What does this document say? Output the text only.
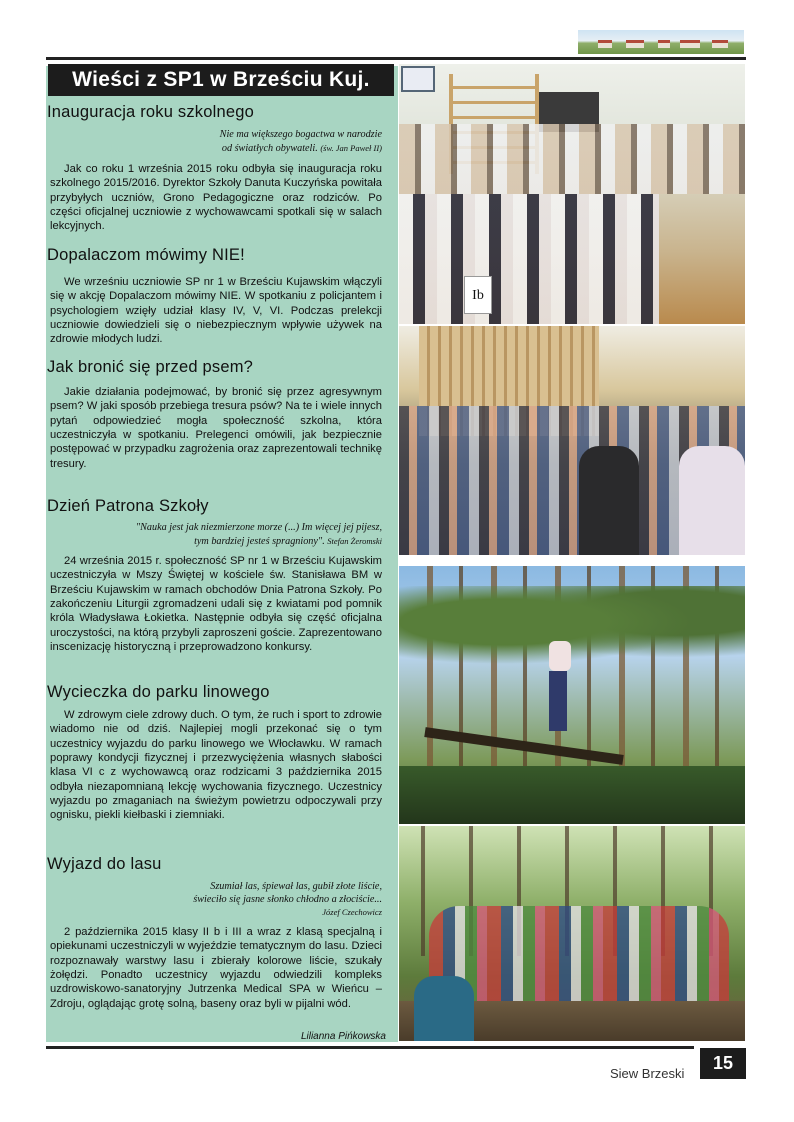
Wieści z SP1 w Brześciu Kuj.
Inauguracja roku szkolnego
Nie ma większego bogactwa w narodzie
od światłych obywateli. (św. Jan Paweł II)
Jak co roku 1 września 2015 roku odbyła się inauguracja roku szkolnego 2015/2016. Dyrektor Szkoły Danuta Kuczyńska powitała przybyłych uczniów, Grono Pedagogiczne oraz rodziców. Po części oficjalnej uczniowie z wychowawcami spotkali się w salach lekcyjnych.
Dopalaczom mówimy NIE!
We wrześniu uczniowie SP nr 1 w Brześciu Kujawskim włączyli się w akcję Dopalaczom mówimy NIE. W spotkaniu z policjantem i psychologiem wzięły udział klasy IV, V, VI. Podczas prelekcji uczniowie dowiedzieli się o niebezpiecznym wpływie używek na zdrowie młodych ludzi.
Jak bronić się przed psem?
Jakie działania podejmować, by bronić się przez agresywnym psem? W jaki sposób przebiega tresura psów? Na te i wiele innych pytań odpowiedzieć mogła społeczność szkolna, która uczestniczyła w spotkaniu. Prelegenci omówili, jak bezpiecznie postępować w przypadku zagrożenia oraz zaprezentowali technikę tresury.
Dzień Patrona Szkoły
"Nauka jest jak niezmierzone morze (...) Im więcej jej pijesz,
tym bardziej jesteś spragniony". Stefan Żeromski
24 września 2015 r. społeczność SP nr 1 w Brześciu Kujawskim uczestniczyła w Mszy Świętej w kościele św. Stanisława BM w Brześciu Kujawskim w ramach obchodów Dnia Patrona Szkoły. Po zakończeniu Liturgii zgromadzeni udali się z kwiatami pod pomnik króla Władysława Łokietka. Następnie odbyła się część oficjalna uroczystości, na którą przybyli zaproszeni goście. Zaprezentowano inscenizację historyczną i przeprowadzono konkursy.
Wycieczka do parku linowego
W zdrowym ciele zdrowy duch. O tym, że ruch i sport to zdrowie wiadomo nie od dziś. Najlepiej mogli przekonać się o tym uczestnicy wyjazdu do parku linowego we Włocławku. W ramach poprawy kondycji fizycznej i przezwyciężenia własnych słabości klasa VI c z wychowawcą oraz rodzicami 3 października 2015 odbyła niezapomnianą lekcję wychowania fizycznego. Uczestnicy wyjazdu po zmaganiach na świeżym powietrzu odpoczywali przy ognisku, piekli kiełbaski i ziemniaki.
Wyjazd do lasu
Szumiał las, śpiewał las, gubił złote liście,
świeciło się jasne słonko chłodno a złociście...
Józef Czechowicz
2 października 2015 klasy II b i III a wraz z klasą specjalną i opiekunami uczestniczyli w wyjeździe tematycznym do lasu. Dzieci rozpoznawały warstwy lasu i zbierały kolorowe liście, szukały żołędzi. Ponadto uczestnicy wyjazdu odwiedzili kompleks uzdrowiskowo-sanatoryjny Jutrzenka Medical SPA w Wieńcu – Zdroju, oglądając grotę solną, baseny oraz byli w pijalni wód.
Lilianna Pińkowska
Ib
Siew Brzeski
15
